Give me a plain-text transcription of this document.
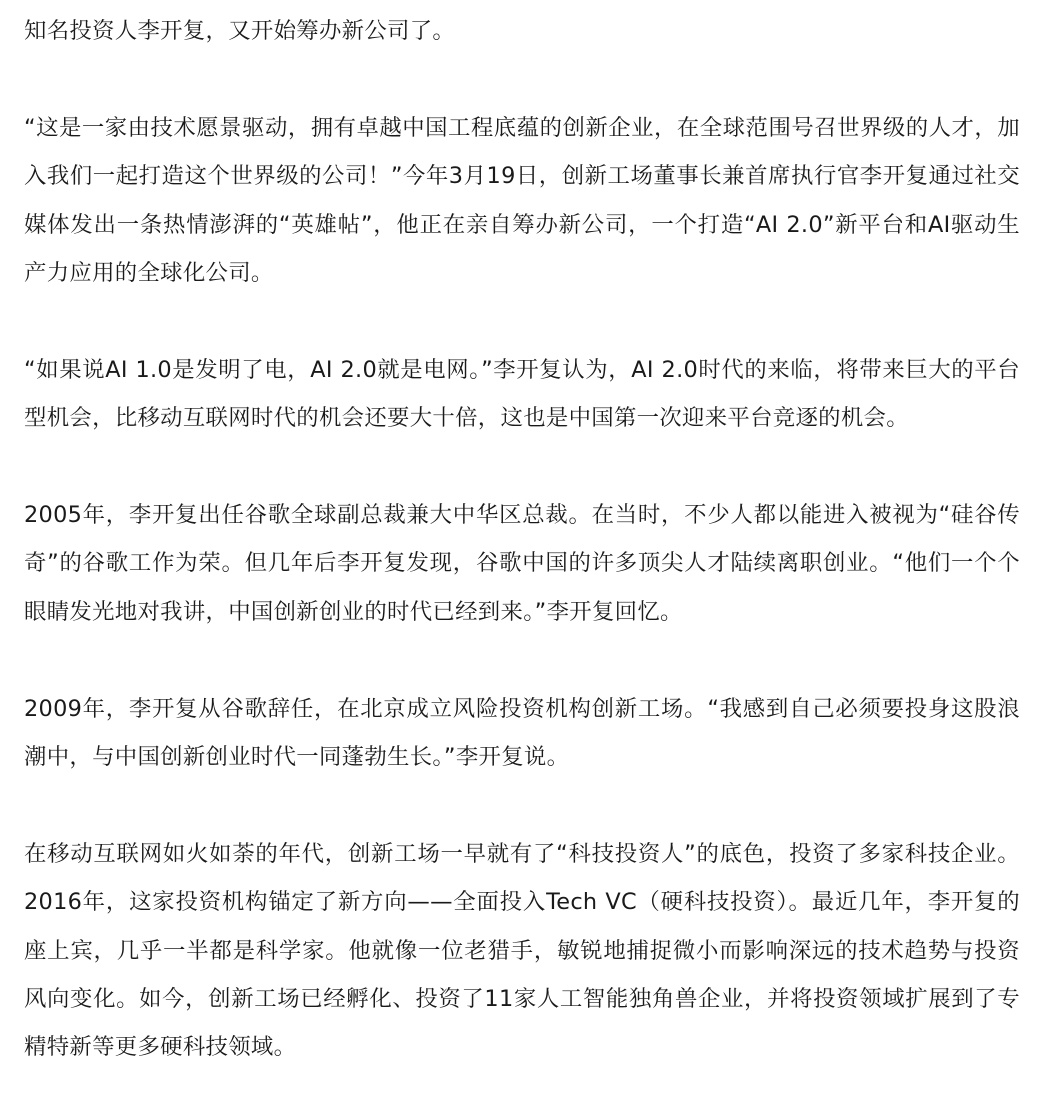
知名投资人李开复，又开始筹办新公司了。

“这是一家由技术愿景驱动，拥有卓越中国工程底蕴的创新企业，在全球范围号召世界级的人才，加入我们一起打造这个世界级的公司！”今年3月19日，创新工场董事长兼首席执行官李开复通过社交媒体发出一条热情澎湃的“英雄帖”，他正在亲自筹办新公司，一个打造“AI 2.0”新平台和AI驱动生产力应用的全球化公司。

“如果说AI 1.0是发明了电，AI 2.0就是电网。”李开复认为，AI 2.0时代的来临，将带来巨大的平台型机会，比移动互联网时代的机会还要大十倍，这也是中国第一次迎来平台竞逐的机会。

2005年，李开复出任谷歌全球副总裁兼大中华区总裁。在当时，不少人都以能进入被视为“硅谷传奇”的谷歌工作为荣。但几年后李开复发现，谷歌中国的许多顶尖人才陆续离职创业。“他们一个个眼睛发光地对我讲，中国创新创业的时代已经到来。”李开复回忆。

2009年，李开复从谷歌辞任，在北京成立风险投资机构创新工场。“我感到自己必须要投身这股浪潮中，与中国创新创业时代一同蓬勃生长。”李开复说。

在移动互联网如火如荼的年代，创新工场一早就有了“科技投资人”的底色，投资了多家科技企业。2016年，这家投资机构锚定了新方向——全面投入Tech VC（硬科技投资）。最近几年，李开复的座上宾，几乎一半都是科学家。他就像一位老猎手，敏锐地捕捉微小而影响深远的技术趋势与投资风向变化。如今，创新工场已经孵化、投资了11家人工智能独角兽企业，并将投资领域扩展到了专精特新等更多硬科技领域。
